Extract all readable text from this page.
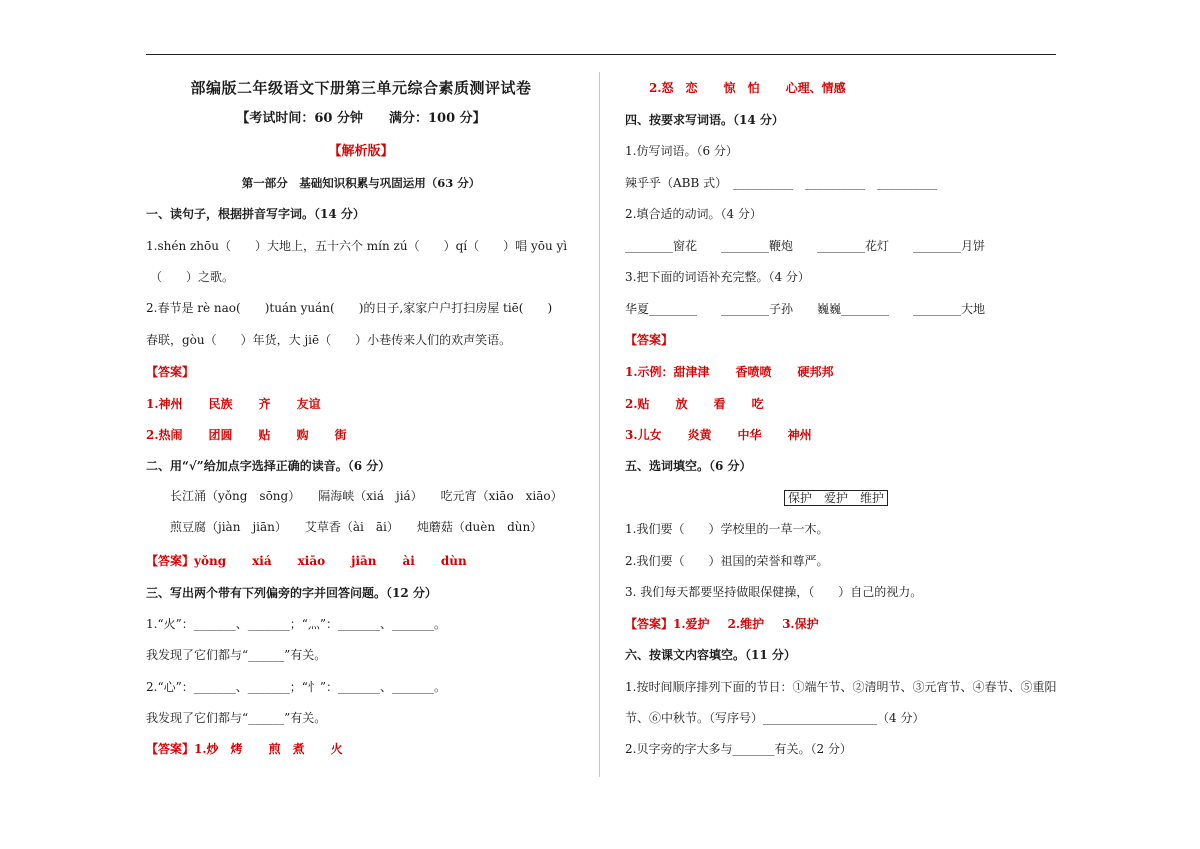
部编版二年级语文下册第三单元综合素质测评试卷
【考试时间：60 分钟　　满分：100 分】
【解析版】
第一部分　基础知识积累与巩固运用（63 分）
一、读句子，根据拼音写字词。（14 分）
1.shén zhōu（　　）大地上，五十六个 mín zú（　　）qí（　　）唱 yōu yì
（　　）之歌。
2.春节是 rè nao(　　)tuán yuán(　　)的日子,家家户户打扫房屋 tiē(　　)
春联，gòu（　　）年货，大 jiē（　　）小巷传来人们的欢声笑语。
【答案】
1.神州 民族 齐 友谊
2.热闹 团圆 贴 购 街
二、用“√”给加点字选择正确的读音。（6 分）
长江涌（yǒng　sōng）　　隔海峡（xiá　jiá）　　吃元宵（xiāo　xiāo）
煎豆腐（jiàn　jiān）　　艾草香（ài　āi）　　炖蘑菇（duèn　dùn）
【答案】yǒng xiá xiāo jiān ài dùn
三、写出两个带有下列偏旁的字并回答问题。（12 分）
1.“火”：_______、_______；“灬”：_______、_______。
我发现了它们都与“______”有关。
2.“心”：_______、_______；“忄”：_______、_______。
我发现了它们都与“______”有关。
【答案】1.炒 烤 煎 煮 火
2.怒 恋 惊 怕 心理、情感
四、按要求写词语。（14 分）
1.仿写词语。（6 分）
辣乎乎（ABB 式）　__________　__________　__________
2.填合适的动词。（4 分）
________窗花　　________鞭炮　　________花灯　　________月饼
3.把下面的词语补充完整。（4 分）
华夏________　　________子孙　　巍巍________　　________大地
【答案】
1.示例：甜津津 香喷喷 硬邦邦
2.贴 放 看 吃
3.儿女 炎黄 中华 神州
五、选词填空。（6 分）
保护　爱护　维护
1.我们要（　　）学校里的一草一木。
2.我们要（　　）祖国的荣誉和尊严。
3. 我们每天都要坚持做眼保健操，（　　）自己的视力。
【答案】1.爱护 2.维护 3.保护
六、按课文内容填空。（11 分）
1.按时间顺序排列下面的节日：①端午节、②清明节、③元宵节、④春节、⑤重阳
节、⑥中秋节。（写序号）___________________（4 分）
2.贝字旁的字大多与_______有关。（2 分）
